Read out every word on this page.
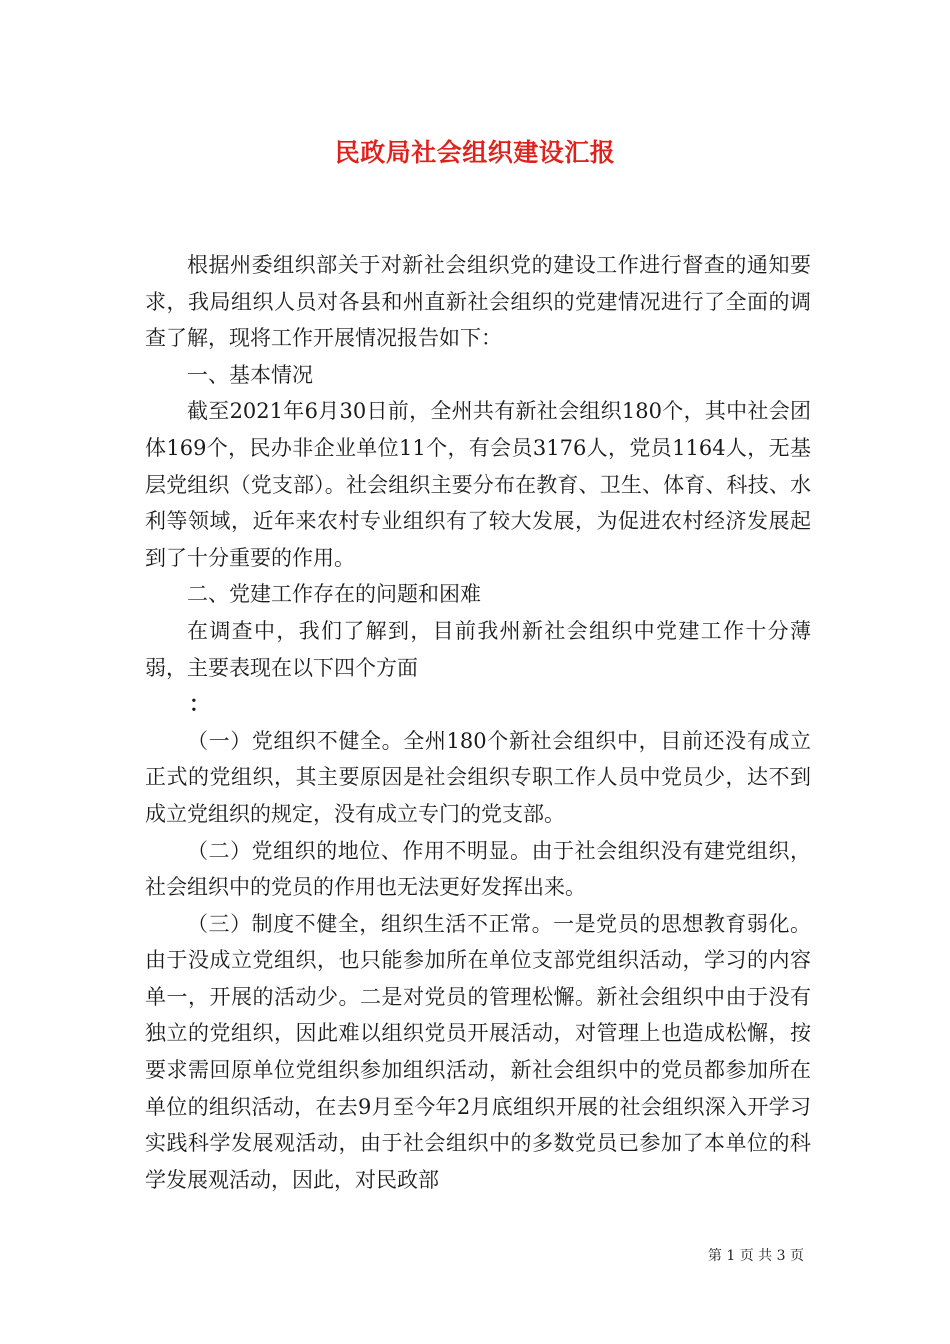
民政局社会组织建设汇报

根据州委组织部关于对新社会组织党的建设工作进行督查的通知要求，我局组织人员对各县和州直新社会组织的党建情况进行了全面的调查了解，现将工作开展情况报告如下：

一、基本情况

截至2021年6月30日前，全州共有新社会组织180个，其中社会团体169个，民办非企业单位11个，有会员3176人，党员1164人，无基层党组织（党支部）。社会组织主要分布在教育、卫生、体育、科技、水利等领域，近年来农村专业组织有了较大发展，为促进农村经济发展起到了十分重要的作用。

二、党建工作存在的问题和困难

在调查中，我们了解到，目前我州新社会组织中党建工作十分薄弱，主要表现在以下四个方面

：

（一）党组织不健全。全州180个新社会组织中，目前还没有成立正式的党组织，其主要原因是社会组织专职工作人员中党员少，达不到成立党组织的规定，没有成立专门的党支部。

（二）党组织的地位、作用不明显。由于社会组织没有建党组织，社会组织中的党员的作用也无法更好发挥出来。

（三）制度不健全，组织生活不正常。一是党员的思想教育弱化。由于没成立党组织，也只能参加所在单位支部党组织活动，学习的内容单一，开展的活动少。二是对党员的管理松懈。新社会组织中由于没有独立的党组织，因此难以组织党员开展活动，对管理上也造成松懈，按要求需回原单位党组织参加组织活动，新社会组织中的党员都参加所在单位的组织活动，在去9月至今年2月底组织开展的社会组织深入开学习实践科学发展观活动，由于社会组织中的多数党员已参加了本单位的科学发展观活动，因此，对民政部

第 1 页 共 3 页
